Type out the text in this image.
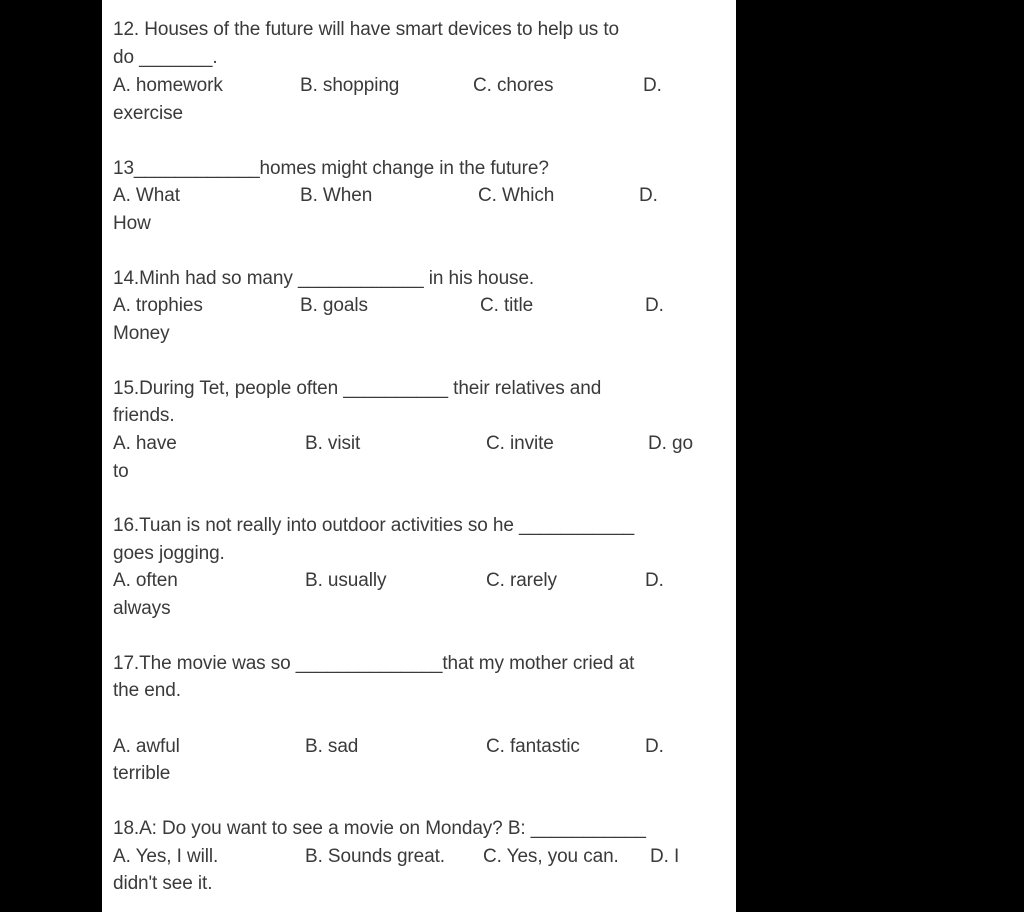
12. Houses of the future will have smart devices to help us to
do _______.
A. homework	B. shopping	C. chores	D.
exercise
13____________homes might change in the future?
A. What	B. When	C. Which	D.
How
14.Minh had so many ____________ in his house.
A. trophies	B. goals	C. title	D.
Money
15.During Tet, people often __________ their relatives and
friends.
A. have	B. visit	C. invite	D. go
to
16.Tuan is not really into outdoor activities so he ___________
goes jogging.
A. often	B. usually	C. rarely	D.
always
17.The movie was so ______________that my mother cried at
the end.
A. awful	B. sad	C. fantastic	D.
terrible
18.A: Do you want to see a movie on Monday? B: ___________
A. Yes, I will.	B. Sounds great. C. Yes, you can. D. I
didn't see it.
